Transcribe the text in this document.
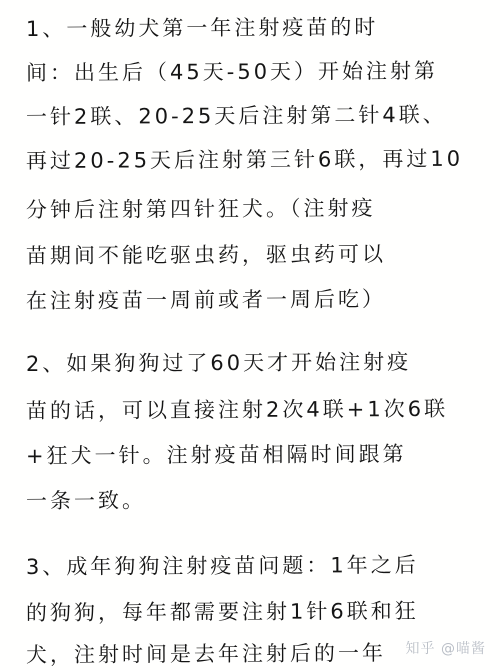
1、一般幼犬第一年注射疫苗的时
间：出生后（45天-50天）开始注射第
一针2联、20-25天后注射第二针4联、
再过20-25天后注射第三针6联，再过10
分钟后注射第四针狂犬。（注射疫
苗期间不能吃驱虫药，驱虫药可以
在注射疫苗一周前或者一周后吃）
2、如果狗狗过了60天才开始注射疫
苗的话，可以直接注射2次4联+1次6联
+狂犬一针。注射疫苗相隔时间跟第
一条一致。
3、成年狗狗注射疫苗问题：1年之后
的狗狗，每年都需要注射1针6联和狂
犬，注射时间是去年注射后的一年 知乎 @喵酱
